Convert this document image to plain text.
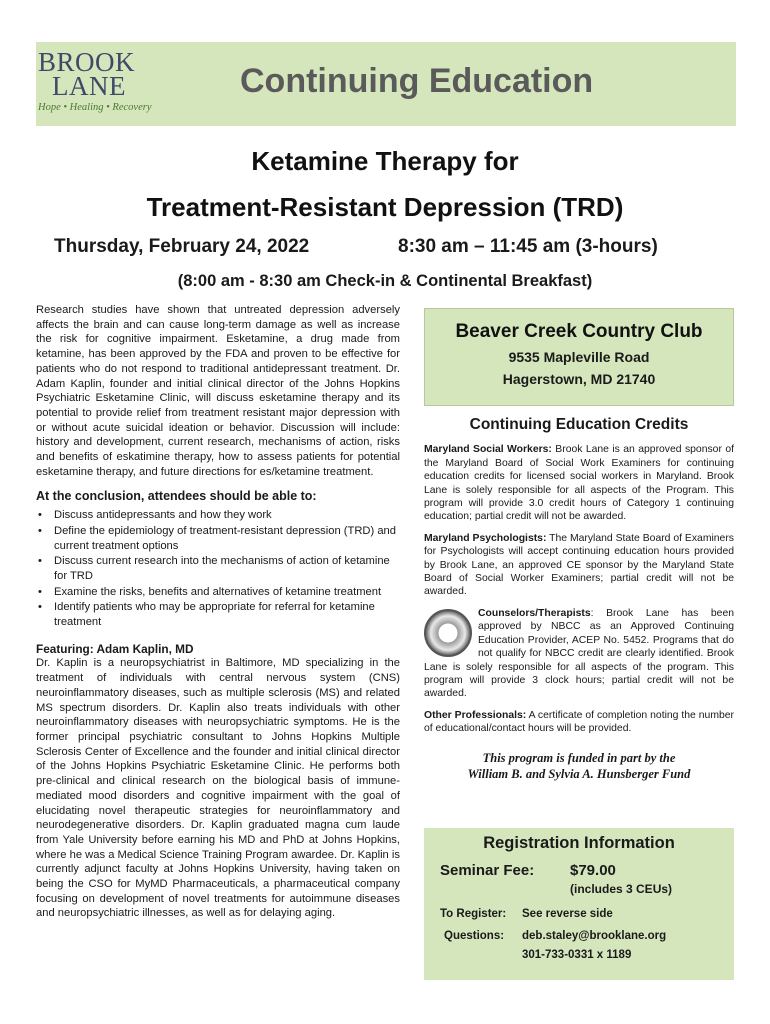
BROOK
LANE
Hope • Healing • Recovery
Continuing Education
Ketamine Therapy for
Treatment-Resistant Depression (TRD)
Thursday, February 24, 2022	8:30 am – 11:45 am (3-hours)
(8:00 am - 8:30 am Check-in & Continental Breakfast)

Research studies have shown that untreated depression adversely affects the brain and can cause long-term damage as well as increase the risk for cognitive impairment. Esketamine, a drug made from ketamine, has been approved by the FDA and proven to be effective for patients who do not respond to traditional antidepressant treatment. Dr. Adam Kaplin, founder and initial clinical director of the Johns Hopkins Psychiatric Esketamine Clinic, will discuss esketamine therapy and its potential to provide relief from treatment resistant major depression with or without acute suicidal ideation or behavior. Discussion will include: history and development, current research, mechanisms of action, risks and benefits of eskatimine therapy, how to assess patients for potential esketamine therapy, and future directions for es/ketamine treatment.

At the conclusion, attendees should be able to:
• Discuss antidepressants and how they work
• Define the epidemiology of treatment-resistant depression (TRD) and current treatment options
• Discuss current research into the mechanisms of action of ketamine for TRD
• Examine the risks, benefits and alternatives of ketamine treatment
• Identify patients who may be appropriate for referral for ketamine treatment
Featuring: Adam Kaplin, MD

Dr. Kaplin is a neuropsychiatrist in Baltimore, MD specializing in the treatment of individuals with central nervous system (CNS) neuroinflammatory diseases, such as multiple sclerosis (MS) and related MS spectrum disorders. Dr. Kaplin also treats individuals with other neuroinflammatory diseases with neuropsychiatric symptoms. He is the former principal psychiatric consultant to Johns Hopkins Multiple Sclerosis Center of Excellence and the founder and initial clinical director of the Johns Hopkins Psychiatric Esketamine Clinic. He performs both pre-clinical and clinical research on the biological basis of immune-mediated mood disorders and cognitive impairment with the goal of elucidating novel therapeutic strategies for neuroinflammatory and neurodegenerative disorders. Dr. Kaplin graduated magna cum laude from Yale University before earning his MD and PhD at Johns Hopkins, where he was a Medical Science Training Program awardee. Dr. Kaplin is currently adjunct faculty at Johns Hopkins University, having taken on being the CSO for MyMD Pharmaceuticals, a pharmaceutical company focusing on development of novel treatments for autoimmune diseases and neuropsychiatric illnesses, as well as for delaying aging.

Beaver Creek Country Club
9535 Mapleville Road
Hagerstown, MD 21740
Continuing Education Credits

Maryland Social Workers: Brook Lane is an approved sponsor of the Maryland Board of Social Work Examiners for continuing education credits for licensed social workers in Maryland. Brook Lane is solely responsible for all aspects of the Program. This program will provide 3.0 credit hours of Category 1 continuing education; partial credit will not be awarded.

Maryland Psychologists: The Maryland State Board of Examiners for Psychologists will accept continuing education hours provided by Brook Lane, an approved CE sponsor by the Maryland State Board of Social Worker Examiners; partial credit will not be awarded.

Counselors/Therapists: Brook Lane has been approved by NBCC as an Approved Continuing Education Provider, ACEP No. 5452. Programs that do not qualify for NBCC credit are clearly identified. Brook Lane is solely responsible for all aspects of the program. This program will provide 3 clock hours; partial credit will not be awarded.

Other Professionals: A certificate of completion noting the number of educational/contact hours will be provided.

This program is funded in part by the
William B. and Sylvia A. Hunsberger Fund
Registration Information
Seminar Fee: $79.00
(includes 3 CEUs)
To Register: See reverse side
Questions: deb.staley@brooklane.org
301-733-0331 x 1189
